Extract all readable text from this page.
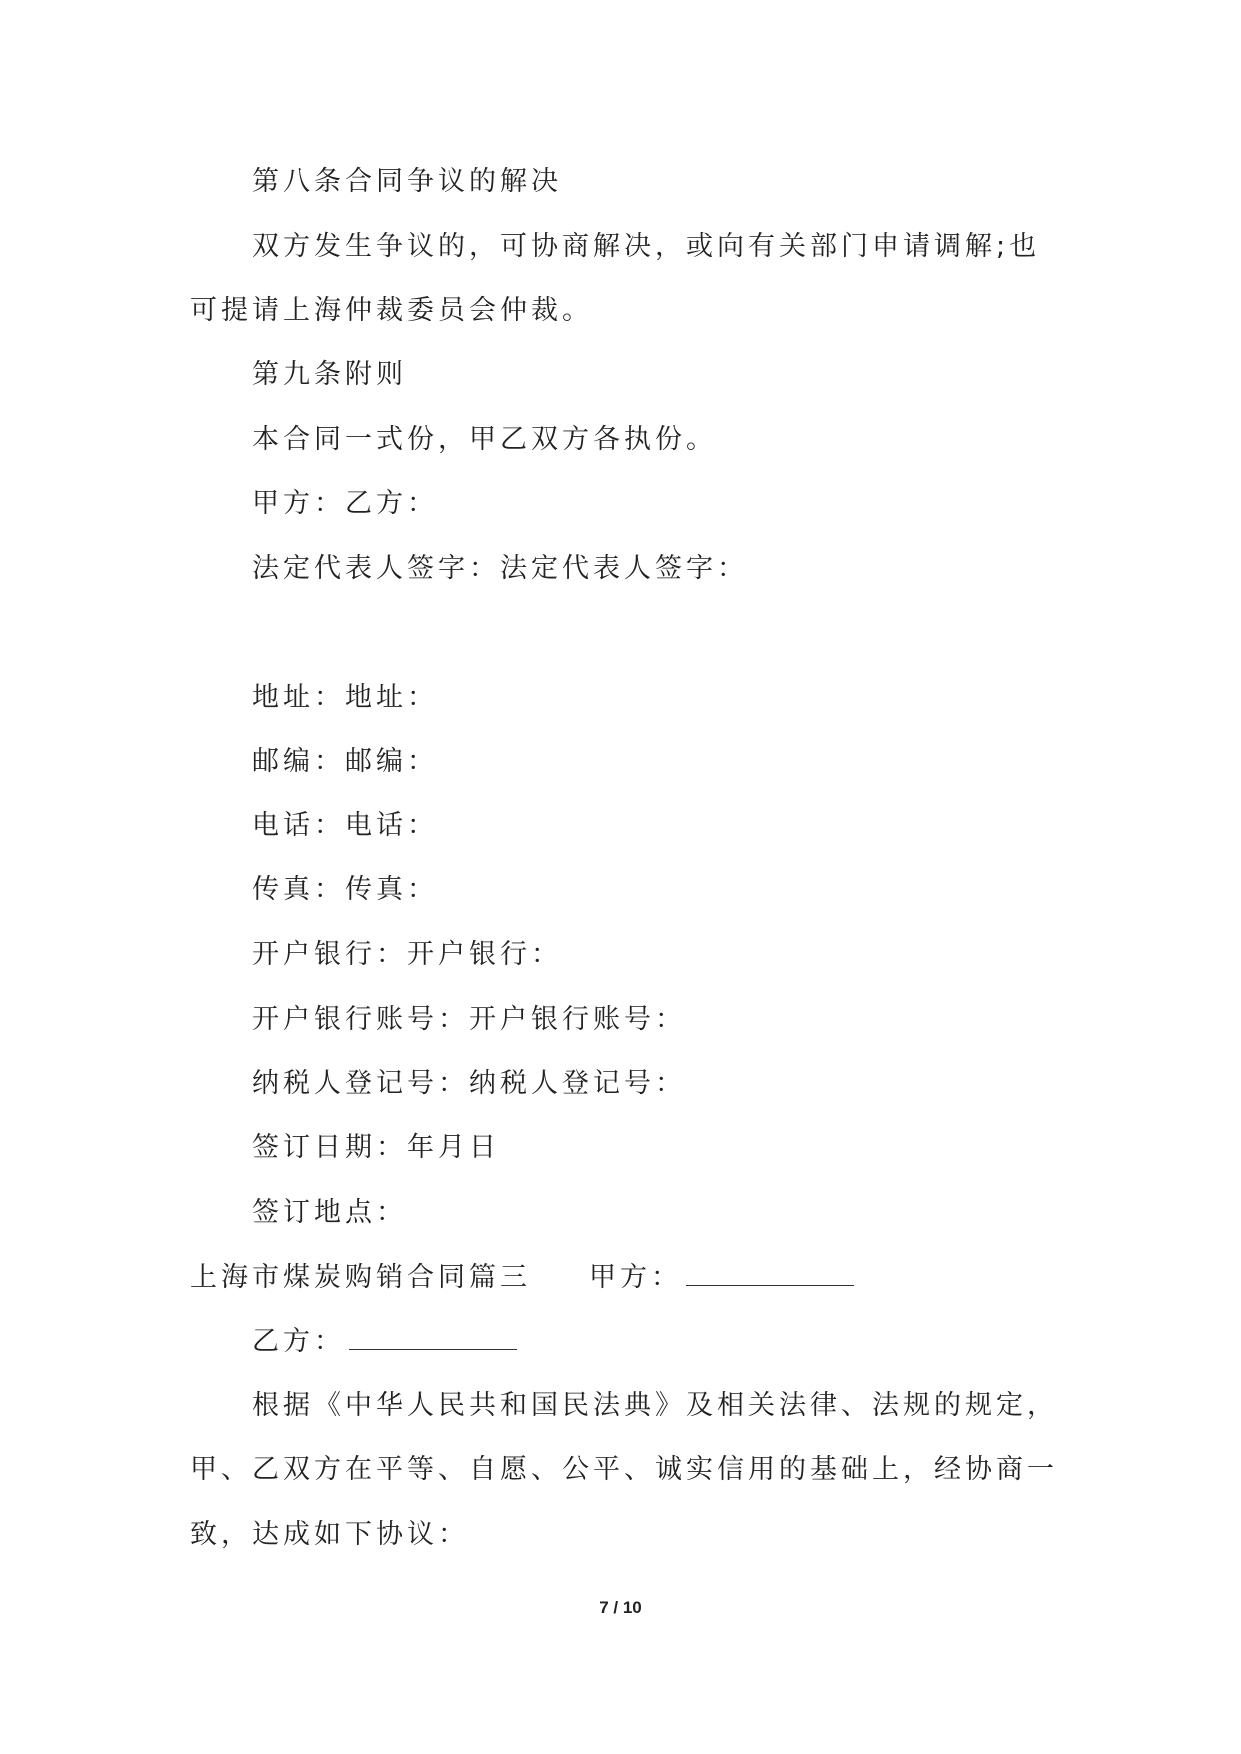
第八条合同争议的解决
双方发生争议的，可协商解决，或向有关部门申请调解;也
可提请上海仲裁委员会仲裁。
第九条附则
本合同一式份，甲乙双方各执份。
甲方：乙方：
法定代表人签字：法定代表人签字：
地址：地址：
邮编：邮编：
电话：电话：
传真：传真：
开户银行：开户银行：
开户银行账号：开户银行账号：
纳税人登记号：纳税人登记号：
签订日期：年月日
签订地点：
上海市煤炭购销合同篇三 甲方：
乙方：
根据《中华人民共和国民法典》及相关法律、法规的规定，
甲、乙双方在平等、自愿、公平、诚实信用的基础上，经协商一
致，达成如下协议：
7 / 10
